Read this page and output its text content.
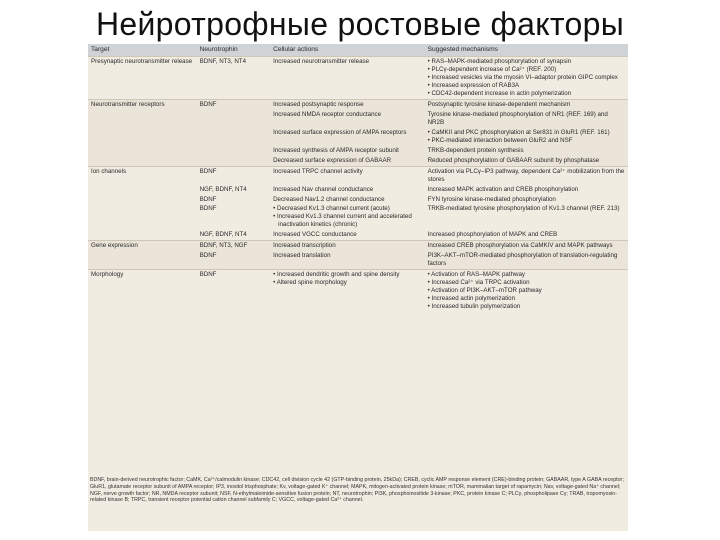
Нейротрофные ростовые факторы
Target	Neurotrophin	Cellular actions	Suggested mechanisms
Presynaptic neurotransmitter release	BDNF, NT3, NT4	Increased neurotransmitter release	• RAS–MAPK-mediated phosphorylation of synapsin
• PLCγ-dependent increase of Ca²⁺ (REF. 200)
• Increased vesicles via the myosin VI–adaptor protein GIPC complex
• Increased expression of RAB3A
• CDC42-dependent increase in actin polymerization

Neurotransmitter receptors	BDNF	Increased postsynaptic response	Postsynaptic tyrosine kinase-dependent mechanism

		Increased NMDA receptor conductance	Tyrosine kinase-mediated phosphorylation of NR1 (REF. 169) and NR2B

		Increased surface expression of AMPA receptors	• CaMKII and PKC phosphorylation at Ser831 in GluR1 (REF. 161)
• PKC-mediated interaction between GluR2 and NSF

		Increased synthesis of AMPA receptor subunit	TRKB-dependent protein synthesis

		Decreased surface expression of GABAAR	Reduced phosphorylation of GABAAR subunit by phosphatase

Ion channels	BDNF	Increased TRPC channel activity	Activation via PLCγ–IP3 pathway, dependent Ca²⁺ mobilization from the stores

	NGF, BDNF, NT4	Increased Nav channel conductance	Increased MAPK activation and CREB phosphorylation

	BDNF	Decreased Nav1.2 channel conductance	FYN tyrosine kinase-mediated phosphorylation

	BDNF	• Decreased Kv1.3 channel current (acute)
• Increased Kv1.3 channel current and accelerated inactivation kinetics (chronic)	TRKB-mediated tyrosine phosphorylation of Kv1.3 channel (REF. 213)

	NGF, BDNF, NT4	Increased VGCC conductance	Increased phosphorylation of MAPK and CREB

Gene expression	BDNF, NT3, NGF	Increased transcription	Increased CREB phosphorylation via CaMKIV and MAPK pathways

	BDNF	Increased translation	PI3K–AKT–mTOR-mediated phosphorylation of translation-regulating factors

Morphology	BDNF	• Increased dendritic growth and spine density
• Altered spine morphology	• Activation of RAS–MAPK pathway
• Increased Ca²⁺ via TRPC activation
• Activation of PI3K–AKT–mTOR pathway
• Increased actin polymerization
• Increased tubulin polymerization
BDNF, brain-derived neurotrophic factor; CaMK, Ca²⁺/calmodulin kinase; CDC42, cell division cycle 42 (GTP-binding protein, 25kDa); CREB, cyclic AMP response element (CRE)-binding protein; GABAAR, type A GABA receptor; GluR1, glutamate receptor subunit of AMPA receptor; IP3, inositol trisphosphate; Kv, voltage-gated K⁺ channel; MAPK, mitogen-activated protein kinase; mTOR, mammalian target of rapamycin; Nav, voltage-gated Na⁺ channel; NGF, nerve growth factor; NR, NMDA receptor subunit; NSF, N-ethylmaleimide-sensitive fusion protein; NT, neurotrophin; PI3K, phosphoinositide 3-kinase; PKC, protein kinase C; PLCγ, phospholipase Cγ; TRAB, tropomyosin-related kinase B; TRPC, transient receptor potential cation channel subfamily C; VGCC, voltage-gated Ca²⁺ channel.
